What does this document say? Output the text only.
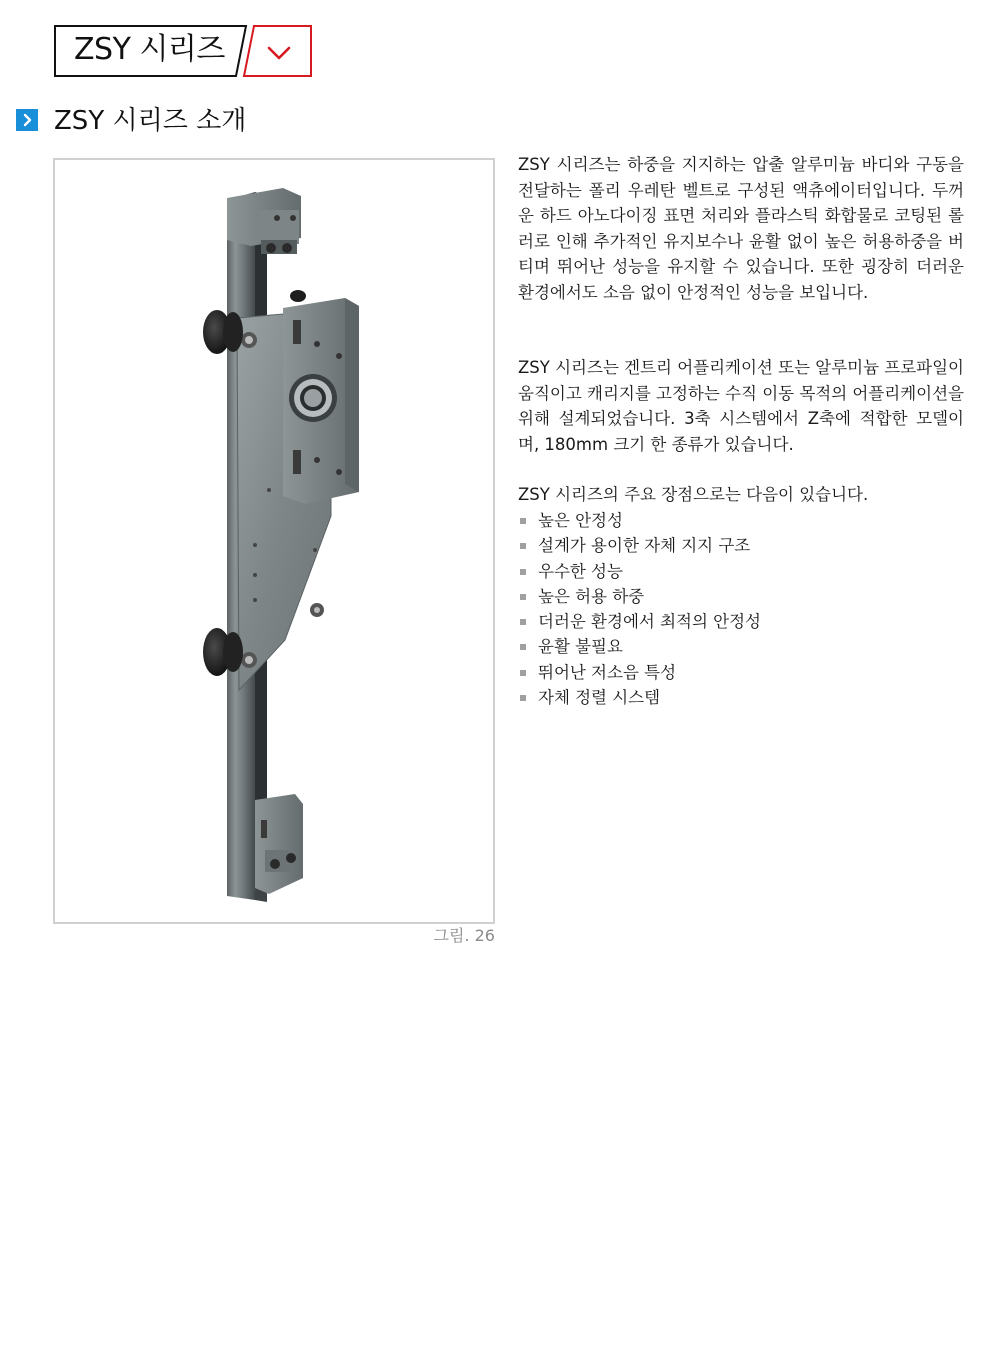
ZSY 시리즈
ZSY 시리즈 소개
그림. 26

ZSY 시리즈는 하중을 지지하는 압출 알루미늄 바디와 구동을 전달하는 폴리 우레탄 벨트로 구성된 액츄에이터입니다. 두꺼운 하드 아노다이징 표면 처리와 플라스틱 화합물로 코팅된 롤러로 인해 추가적인 유지보수나 윤활 없이 높은 허용하중을 버티며 뛰어난 성능을 유지할 수 있습니다. 또한 굉장히 더러운 환경에서도 소음 없이 안정적인 성능을 보입니다.

ZSY 시리즈는 겐트리 어플리케이션 또는 알루미늄 프로파일이 움직이고 캐리지를 고정하는 수직 이동 목적의 어플리케이션을 위해 설계되었습니다. 3축 시스템에서 Z축에 적합한 모델이며, 180mm 크기 한 종류가 있습니다.

ZSY 시리즈의 주요 장점으로는 다음이 있습니다.

높은 안정성
설계가 용이한 자체 지지 구조
우수한 성능
높은 허용 하중
더러운 환경에서 최적의 안정성
윤활 불필요
뛰어난 저소음 특성
자체 정렬 시스템
